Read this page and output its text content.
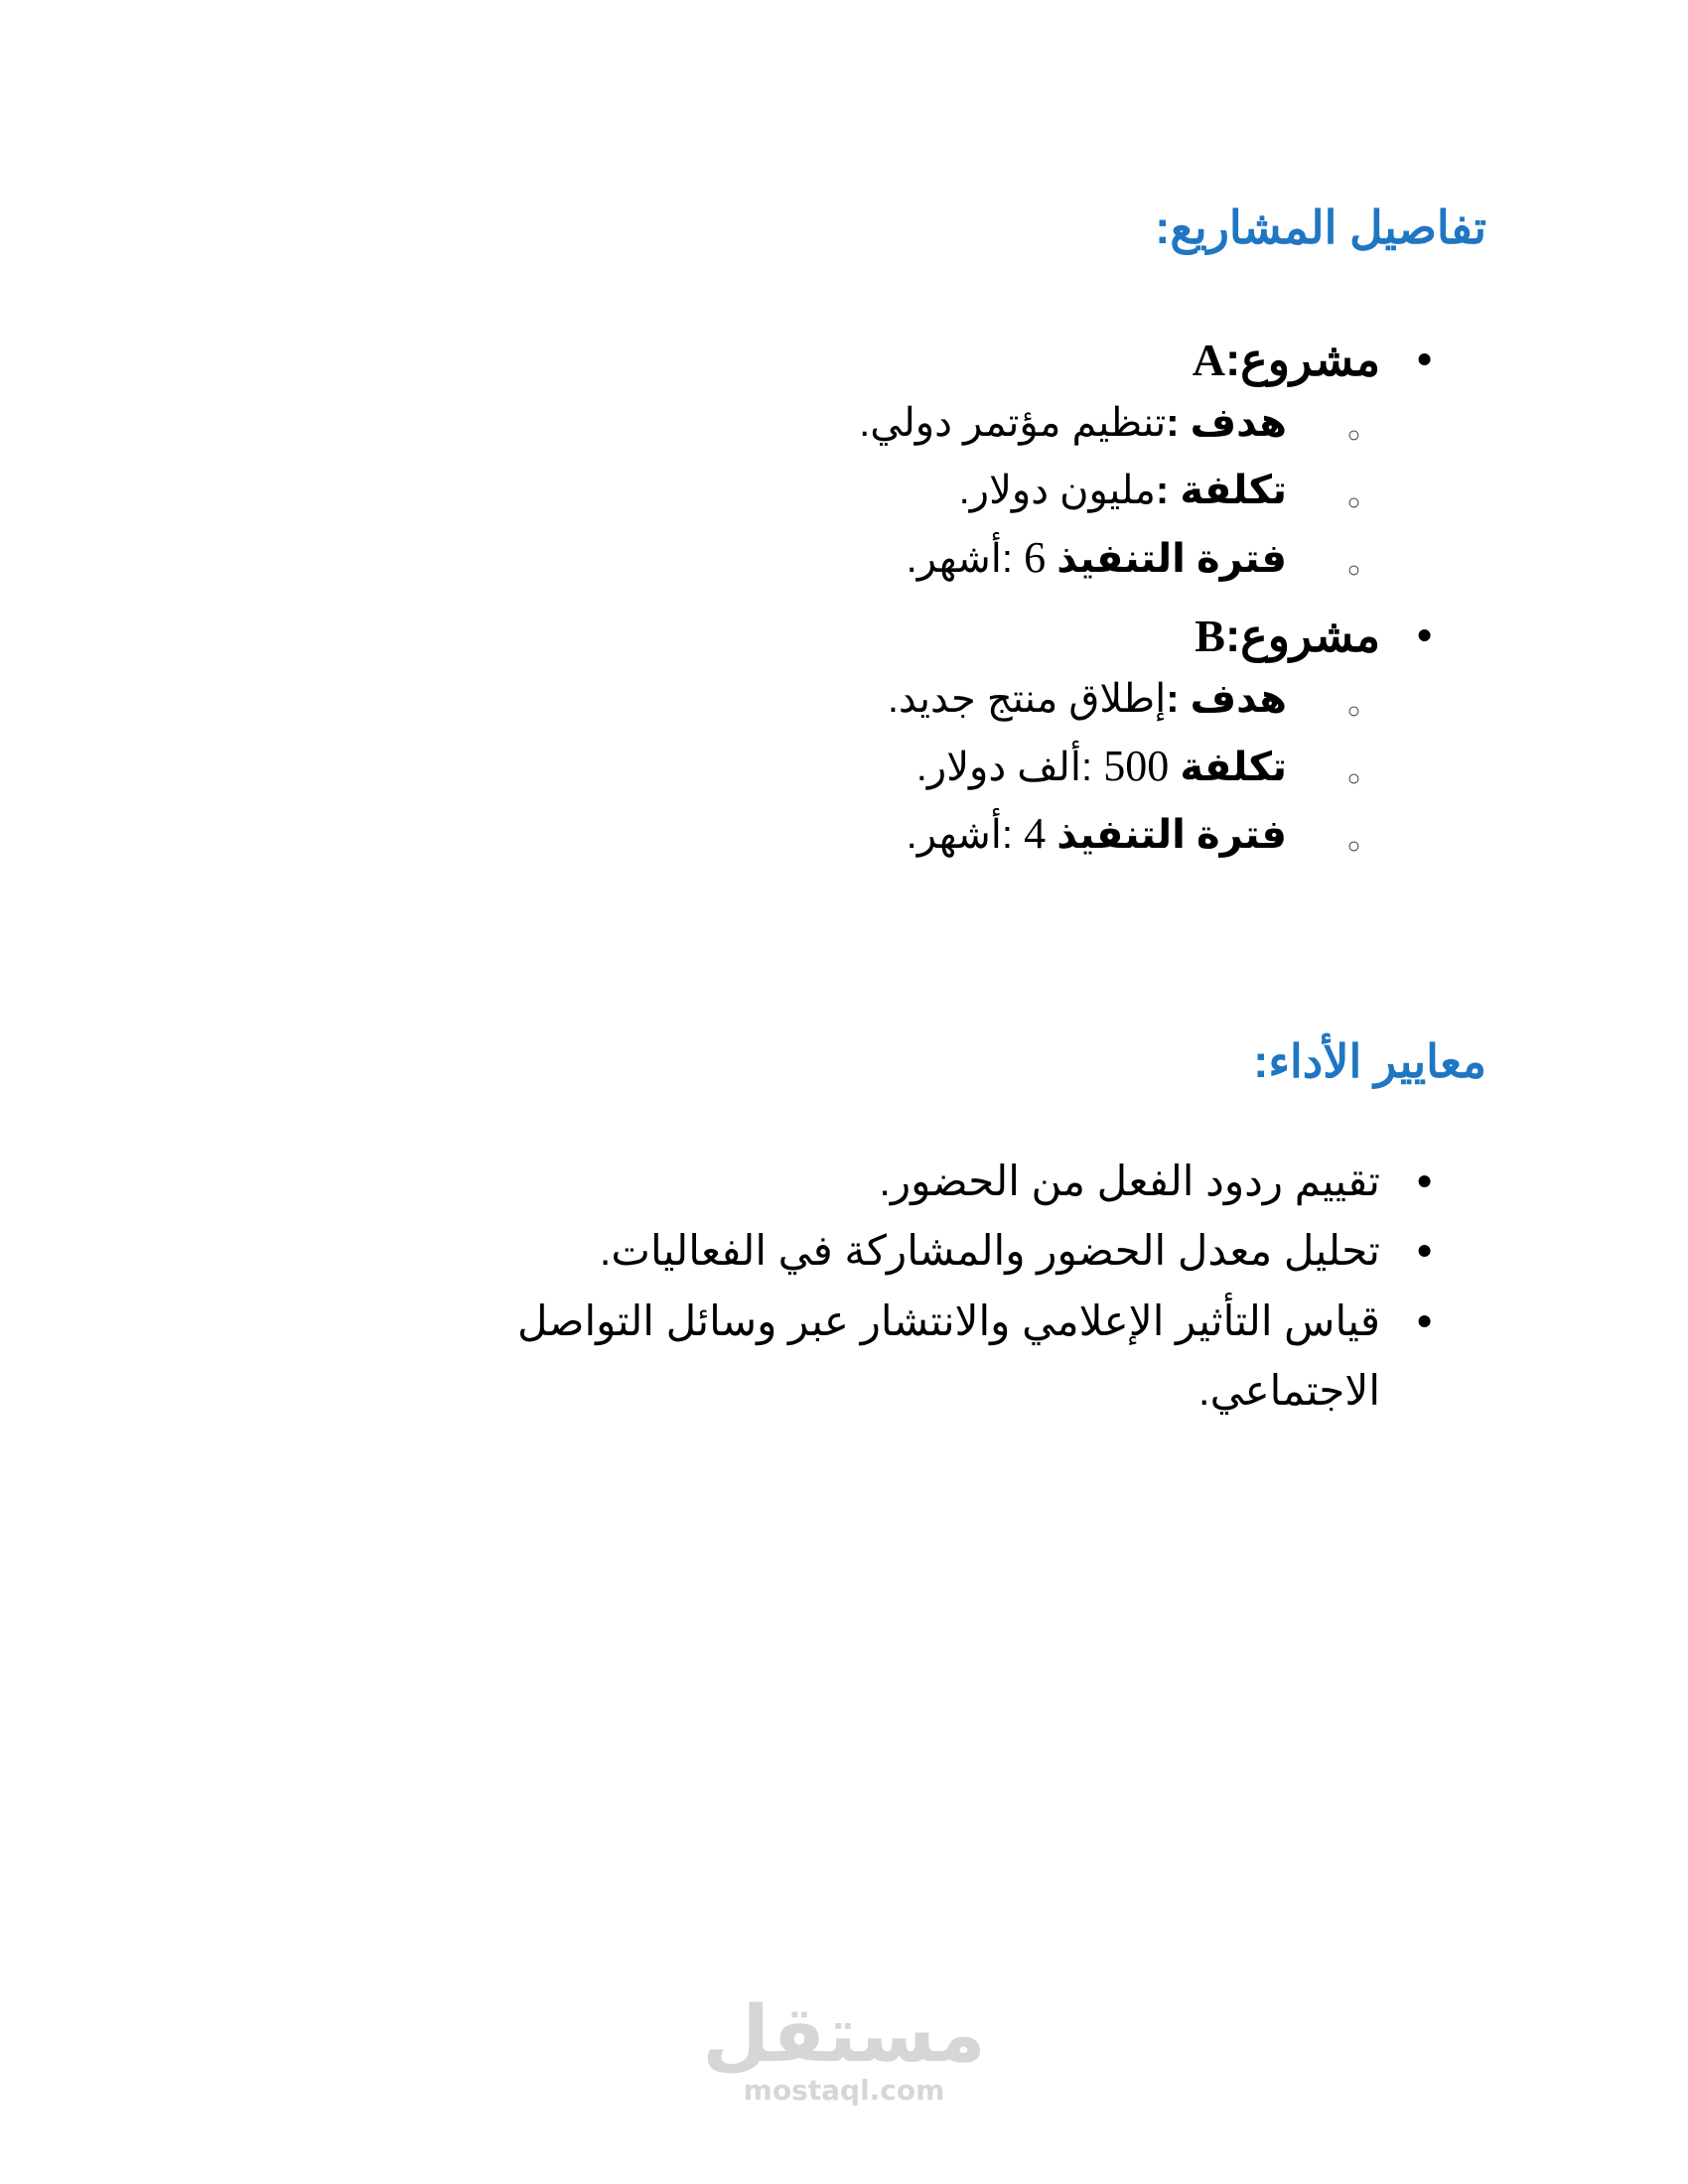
تفاصيل المشاريع:
•
مشروع:A
○
هدف :تنظيم مؤتمر دولي.
○
تكلفة :مليون دولار.
○
فترة التنفيذ 6 :أشهر.
•
مشروع:B
○
هدف :إطلاق منتج جديد.
○
تكلفة 500 :ألف دولار.
○
فترة التنفيذ 4 :أشهر.
معايير الأداء:
•
تقييم ردود الفعل من الحضور.
•
تحليل معدل الحضور والمشاركة في الفعاليات.
•
قياس التأثير الإعلامي والانتشار عبر وسائل التواصل الاجتماعي.
مستقل
mostaql.com
